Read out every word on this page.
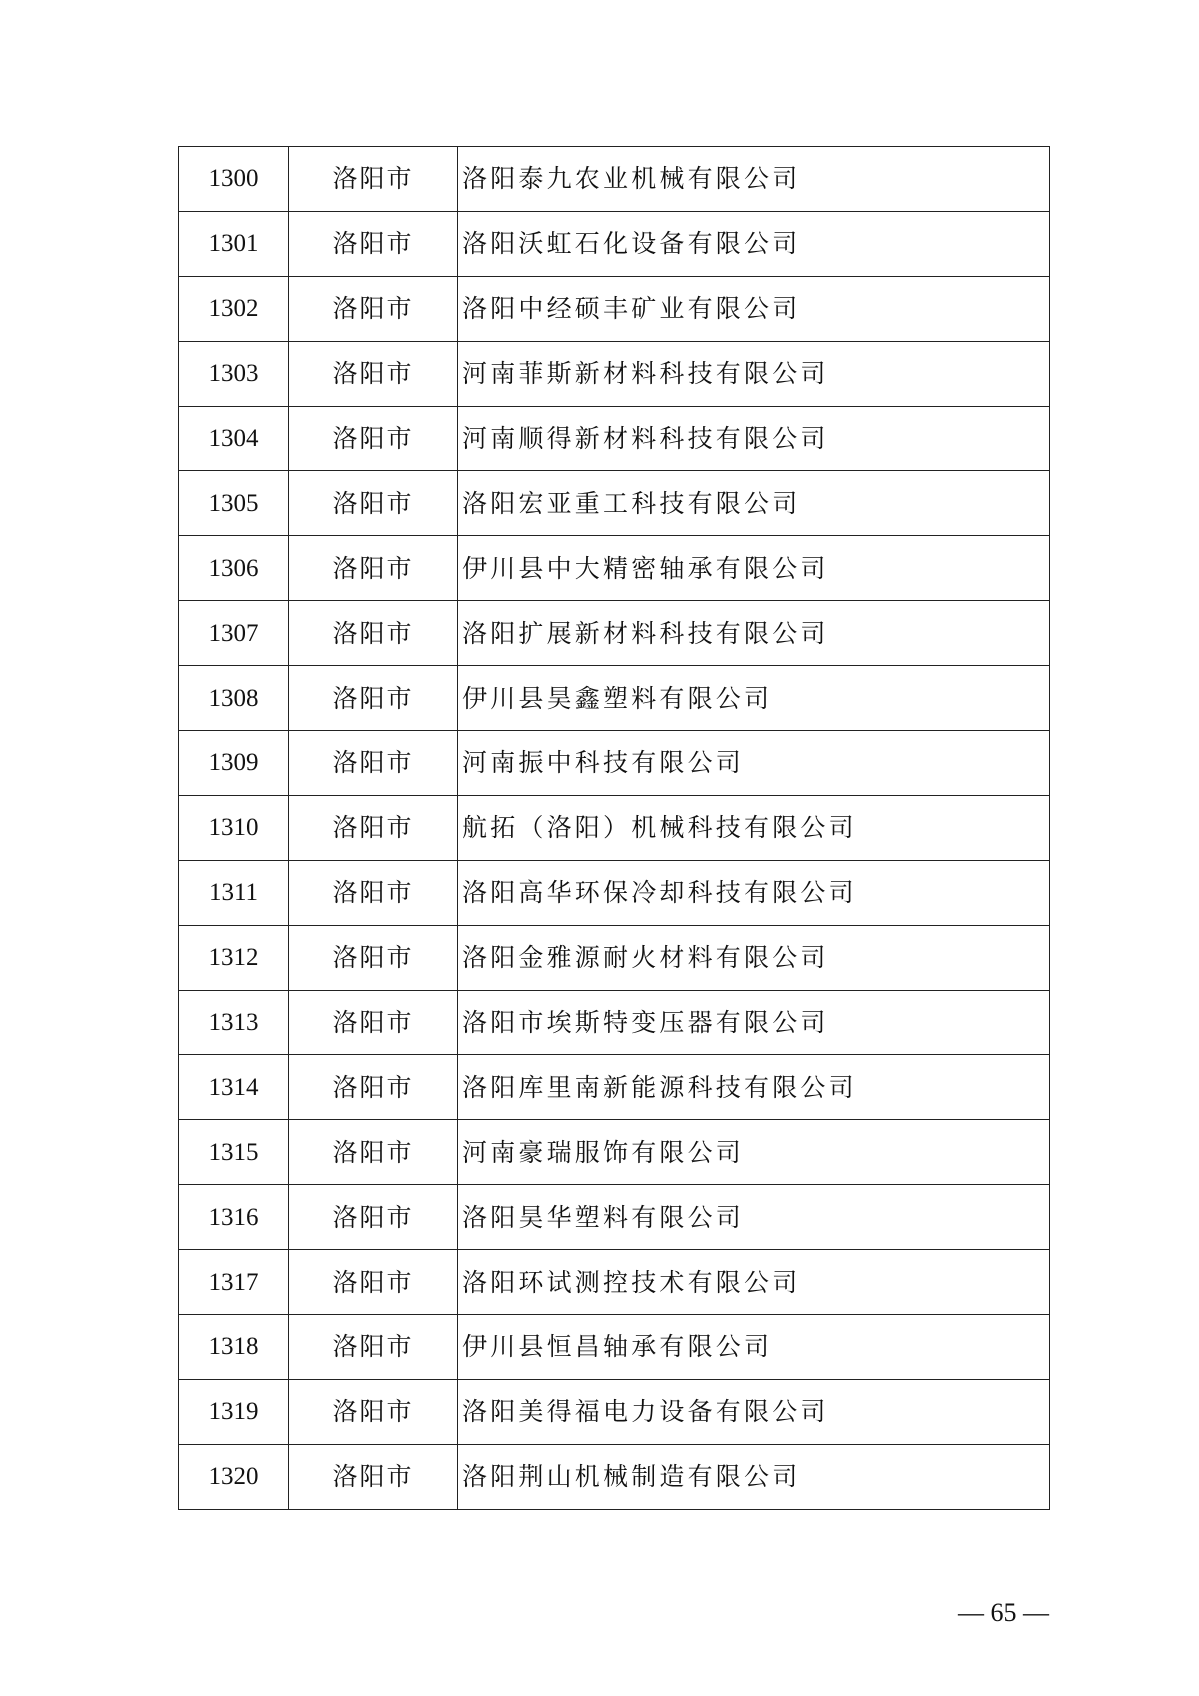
1300	洛阳市	洛阳泰九农业机械有限公司
1301	洛阳市	洛阳沃虹石化设备有限公司
1302	洛阳市	洛阳中经硕丰矿业有限公司
1303	洛阳市	河南菲斯新材料科技有限公司
1304	洛阳市	河南顺得新材料科技有限公司
1305	洛阳市	洛阳宏亚重工科技有限公司
1306	洛阳市	伊川县中大精密轴承有限公司
1307	洛阳市	洛阳扩展新材料科技有限公司
1308	洛阳市	伊川县昊鑫塑料有限公司
1309	洛阳市	河南振中科技有限公司
1310	洛阳市	航拓（洛阳）机械科技有限公司
1311	洛阳市	洛阳高华环保冷却科技有限公司
1312	洛阳市	洛阳金雅源耐火材料有限公司
1313	洛阳市	洛阳市埃斯特变压器有限公司
1314	洛阳市	洛阳库里南新能源科技有限公司
1315	洛阳市	河南豪瑞服饰有限公司
1316	洛阳市	洛阳昊华塑料有限公司
1317	洛阳市	洛阳环试测控技术有限公司
1318	洛阳市	伊川县恒昌轴承有限公司
1319	洛阳市	洛阳美得福电力设备有限公司
1320	洛阳市	洛阳荆山机械制造有限公司
— 65 —
